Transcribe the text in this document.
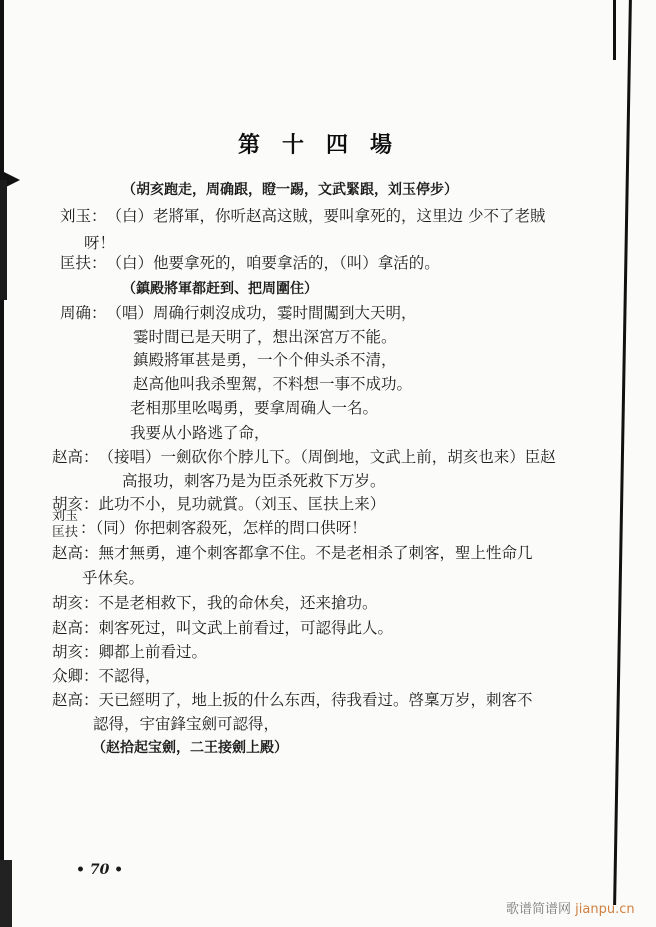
第十四場
（胡亥跑走，周确跟，瞪一踢，文武緊跟，刘玉停步）
刘玉：（白）老將軍，你听赵高这賊，要叫拿死的，这里边 少不了老賊
呀！
匡扶：（白）他要拿死的，咱要拿活的，（叫）拿活的。
（鎮殿將軍都赶到、把周圍住）
周确：（唱）周确行刺沒成功，霎时間闖到大天明，
霎时間已是天明了，想出深宮万不能。
鎮殿將軍甚是勇，一个个伸头杀不清，
赵高他叫我杀聖駕，不料想一事不成功。
老相那里吆喝勇，要拿周确人一名。
我要从小路逃了命，
赵高：（接唱）一劍砍你个脖儿下。（周倒地，文武上前，胡亥也来）臣赵
高报功，刺客乃是为臣杀死救下万岁。
胡亥：此功不小，見功就賞。（刘玉、匡扶上来）
刘玉
匡扶 ：（同）你把刺客殺死，怎样的問口供呀！
赵高：無才無勇，連个刺客都拿不住。不是老相杀了刺客，聖上性命几
乎休矣。
胡亥：不是老相救下，我的命休矣，还来搶功。
赵高：刺客死过，叫文武上前看过，可認得此人。
胡亥：卿都上前看过。
众卿：不認得，
赵高：天已經明了，地上扳的什么东西，待我看过。啓稟万岁，刺客不
認得，宇宙鋒宝劍可認得，
（赵拾起宝劍，二王接劍上殿）
• 70 •
歌谱简谱网 jianpu.cn
